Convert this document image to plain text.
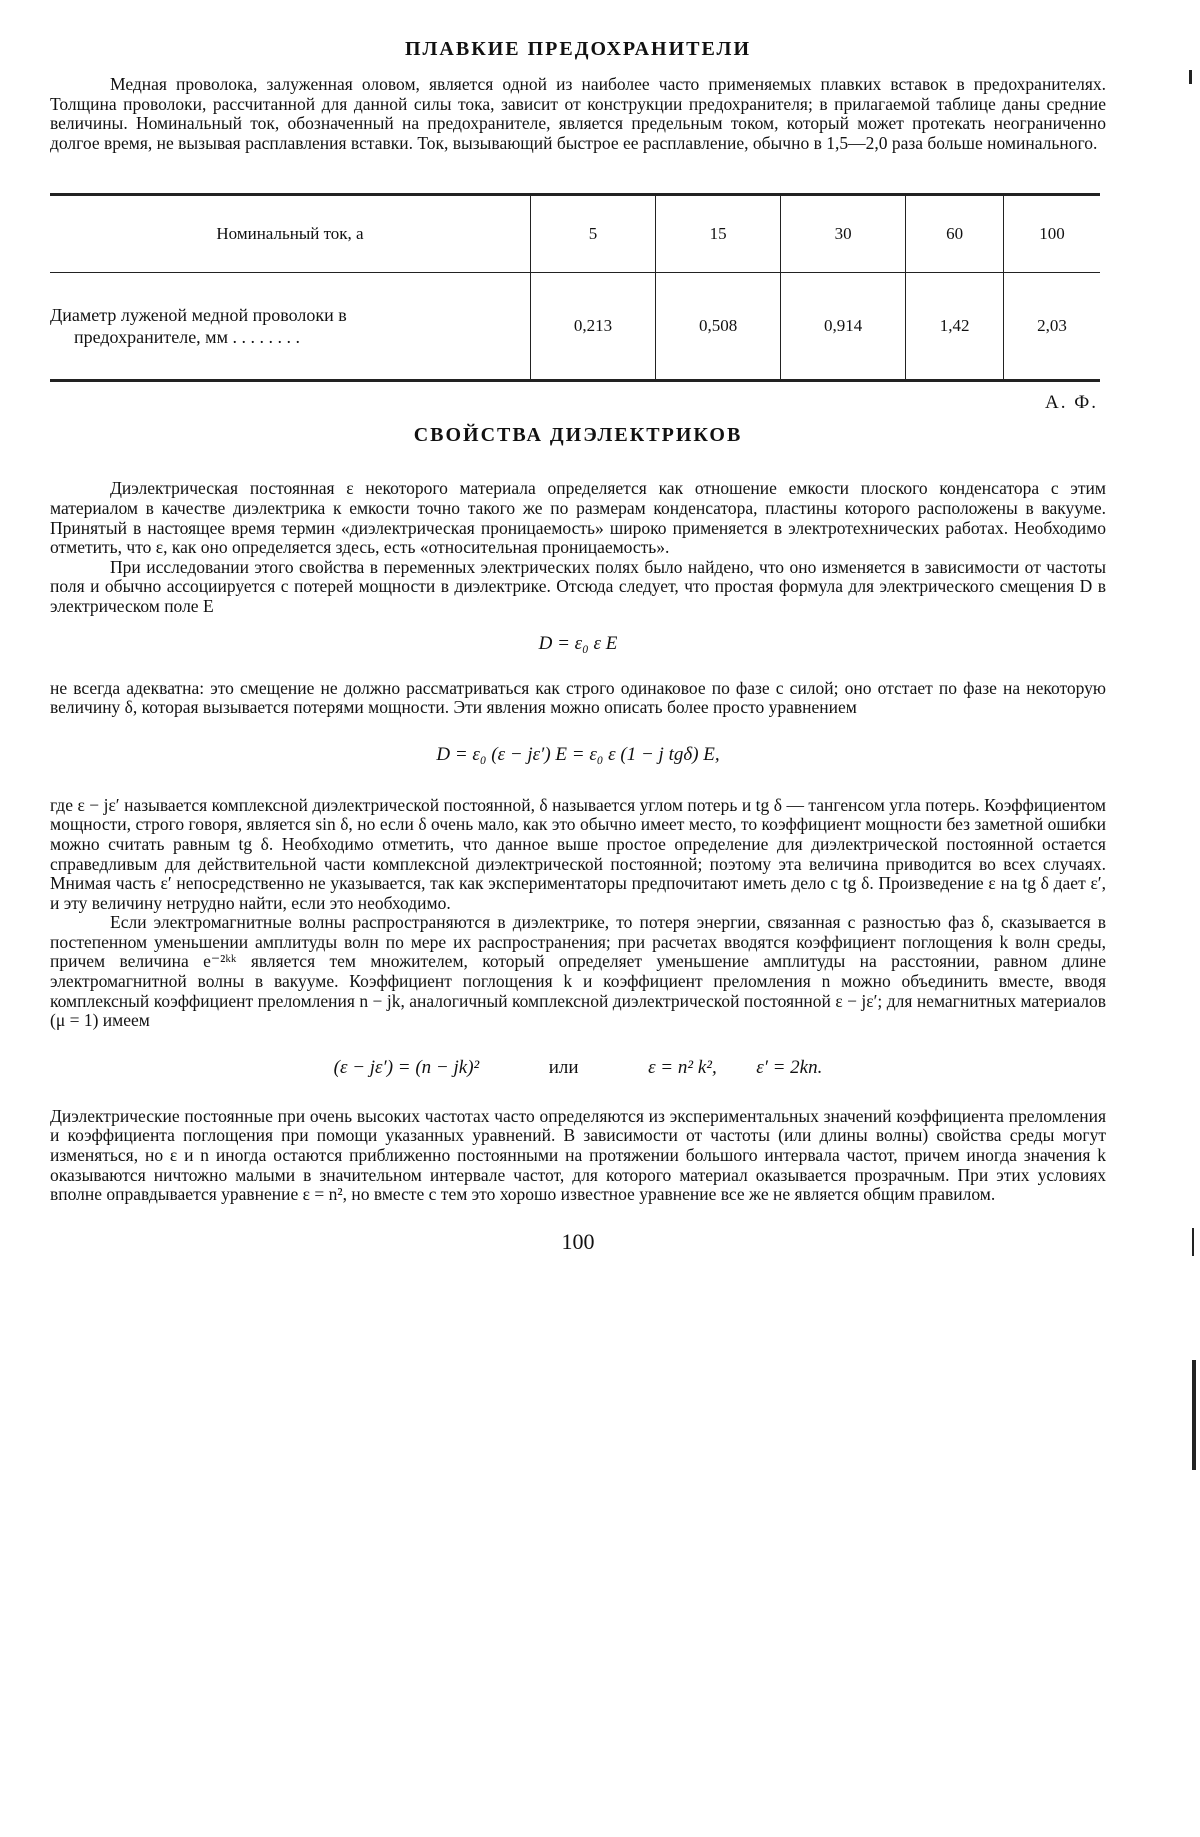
ПЛАВКИЕ ПРЕДОХРАНИТЕЛИ

Медная проволока, залуженная оловом, является одной из наиболее часто применяемых плавких вставок в предохранителях. Толщина проволоки, рассчитанной для данной силы тока, зависит от конструкции предохранителя; в прилагаемой таблице даны средние величины. Номинальный ток, обозначенный на предохранителе, является предельным током, который может протекать неограниченно долгое время, не вызывая расплавления вставки. Ток, вызывающий быстрое ее расплавление, обычно в 1,5—2,0 раза больше номинального.

Номинальный ток, а	5	15	30	60	100
Диаметр луженой медной проволоки в
предохранителе, мм . . . . . . . .	0,213	0,508	0,914	1,42	2,03
А. Ф.
СВОЙСТВА ДИЭЛЕКТРИКОВ

Диэлектрическая постоянная ε некоторого материала определяется как отношение емкости плоского конденсатора с этим материалом в качестве диэлектрика к емкости точно такого же по размерам конденсатора, пластины которого расположены в вакууме. Принятый в настоящее время термин «диэлектрическая проницаемость» широко применяется в электротехнических работах. Необходимо отметить, что ε, как оно определяется здесь, есть «относительная проницаемость».

При исследовании этого свойства в переменных электрических полях было найдено, что оно изменяется в зависимости от частоты поля и обычно ассоциируется с потерей мощности в диэлектрике. Отсюда следует, что простая формула для электрического смещения D в электрическом поле E

D = ε₀ ε E

не всегда адекватна: это смещение не должно рассматриваться как строго одинаковое по фазе с силой; оно отстает по фазе на некоторую величину δ, которая вызывается потерями мощности. Эти явления можно описать более просто уравнением

D = ε₀ (ε − jε′) E = ε₀ ε (1 − j tgδ) E,

где ε − jε′ называется комплексной диэлектрической постоянной, δ называется углом потерь и tg δ — тангенсом угла потерь. Коэффициентом мощности, строго говоря, является sin δ, но если δ очень мало, как это обычно имеет место, то коэффициент мощности без заметной ошибки можно считать равным tg δ. Необходимо отметить, что данное выше простое определение для диэлектрической постоянной остается справедливым для действительной части комплексной диэлектрической постоянной; поэтому эта величина приводится во всех случаях. Мнимая часть ε′ непосредственно не указывается, так как экспериментаторы предпочитают иметь дело с tg δ. Произведение ε на tg δ дает ε′, и эту величину нетрудно найти, если это необходимо.

Если электромагнитные волны распространяются в диэлектрике, то потеря энергии, связанная с разностью фаз δ, сказывается в постепенном уменьшении амплитуды волн по мере их распространения; при расчетах вводятся коэффициент поглощения k волн среды, причем величина e⁻²ᵏᵏ является тем множителем, который определяет уменьшение амплитуды на расстоянии, равном длине электромагнитной волны в вакууме. Коэффициент поглощения k и коэффициент преломления n можно объединить вместе, вводя комплексный коэффициент преломления n − jk, аналогичный комплексной диэлектрической постоянной ε − jε′; для немагнитных материалов (μ = 1) имеем

(ε − jε′) = (n − jk)²	или	ε = n² k², ε′ = 2kn.

Диэлектрические постоянные при очень высоких частотах часто определяются из экспериментальных значений коэффициента преломления и коэффициента поглощения при помощи указанных уравнений. В зависимости от частоты (или длины волны) свойства среды могут изменяться, но ε и n иногда остаются приближенно постоянными на протяжении большого интервала частот, причем иногда значения k оказываются ничтожно малыми в значительном интервале частот, для которого материал оказывается прозрачным. При этих условиях вполне оправдывается уравнение ε = n², но вместе с тем это хорошо известное уравнение все же не является общим правилом.

100
